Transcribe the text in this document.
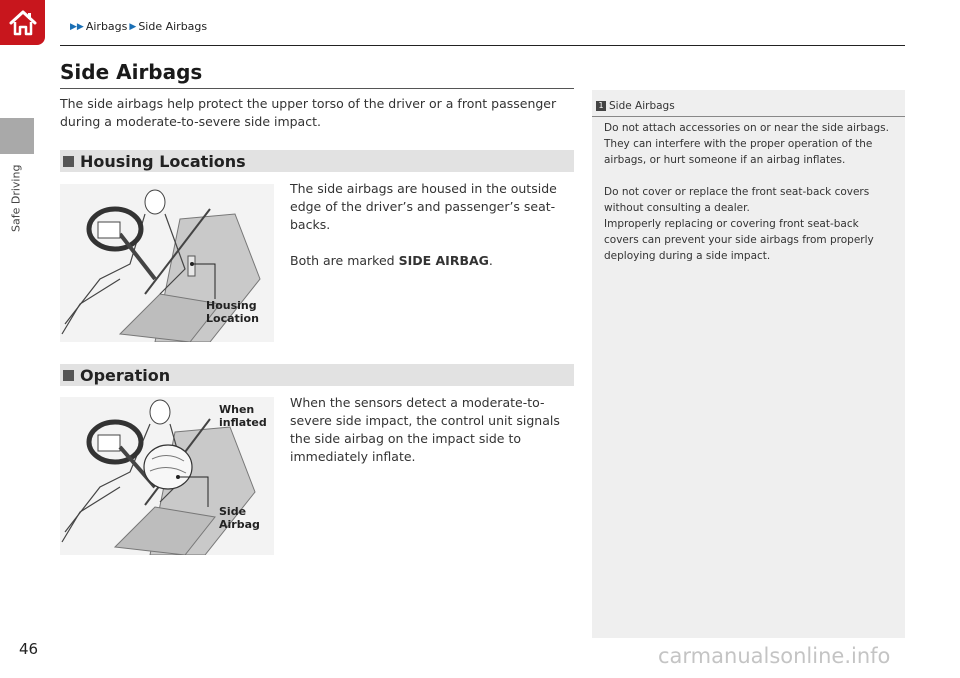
Safe Driving
▶▶ Airbags ▶ Side Airbags
Side Airbags

The side airbags help protect the upper torso of the driver or a front passenger during a moderate-to-severe side impact.

Housing Locations
Housing
Location
The side airbags are housed in the outside edge of the driver’s and passenger’s seat-backs.
Both are marked SIDE AIRBAG.
Operation
When
inflated
Side
Airbag
When the sensors detect a moderate-to-severe side impact, the control unit signals the side airbag on the impact side to immediately inflate.
1 Side Airbags

Do not attach accessories on or near the side airbags. They can interfere with the proper operation of the airbags, or hurt someone if an airbag inflates.

Do not cover or replace the front seat-back covers without consulting a dealer.
Improperly replacing or covering front seat-back covers can prevent your side airbags from properly deploying during a side impact.

46	carmanualsonline.info
